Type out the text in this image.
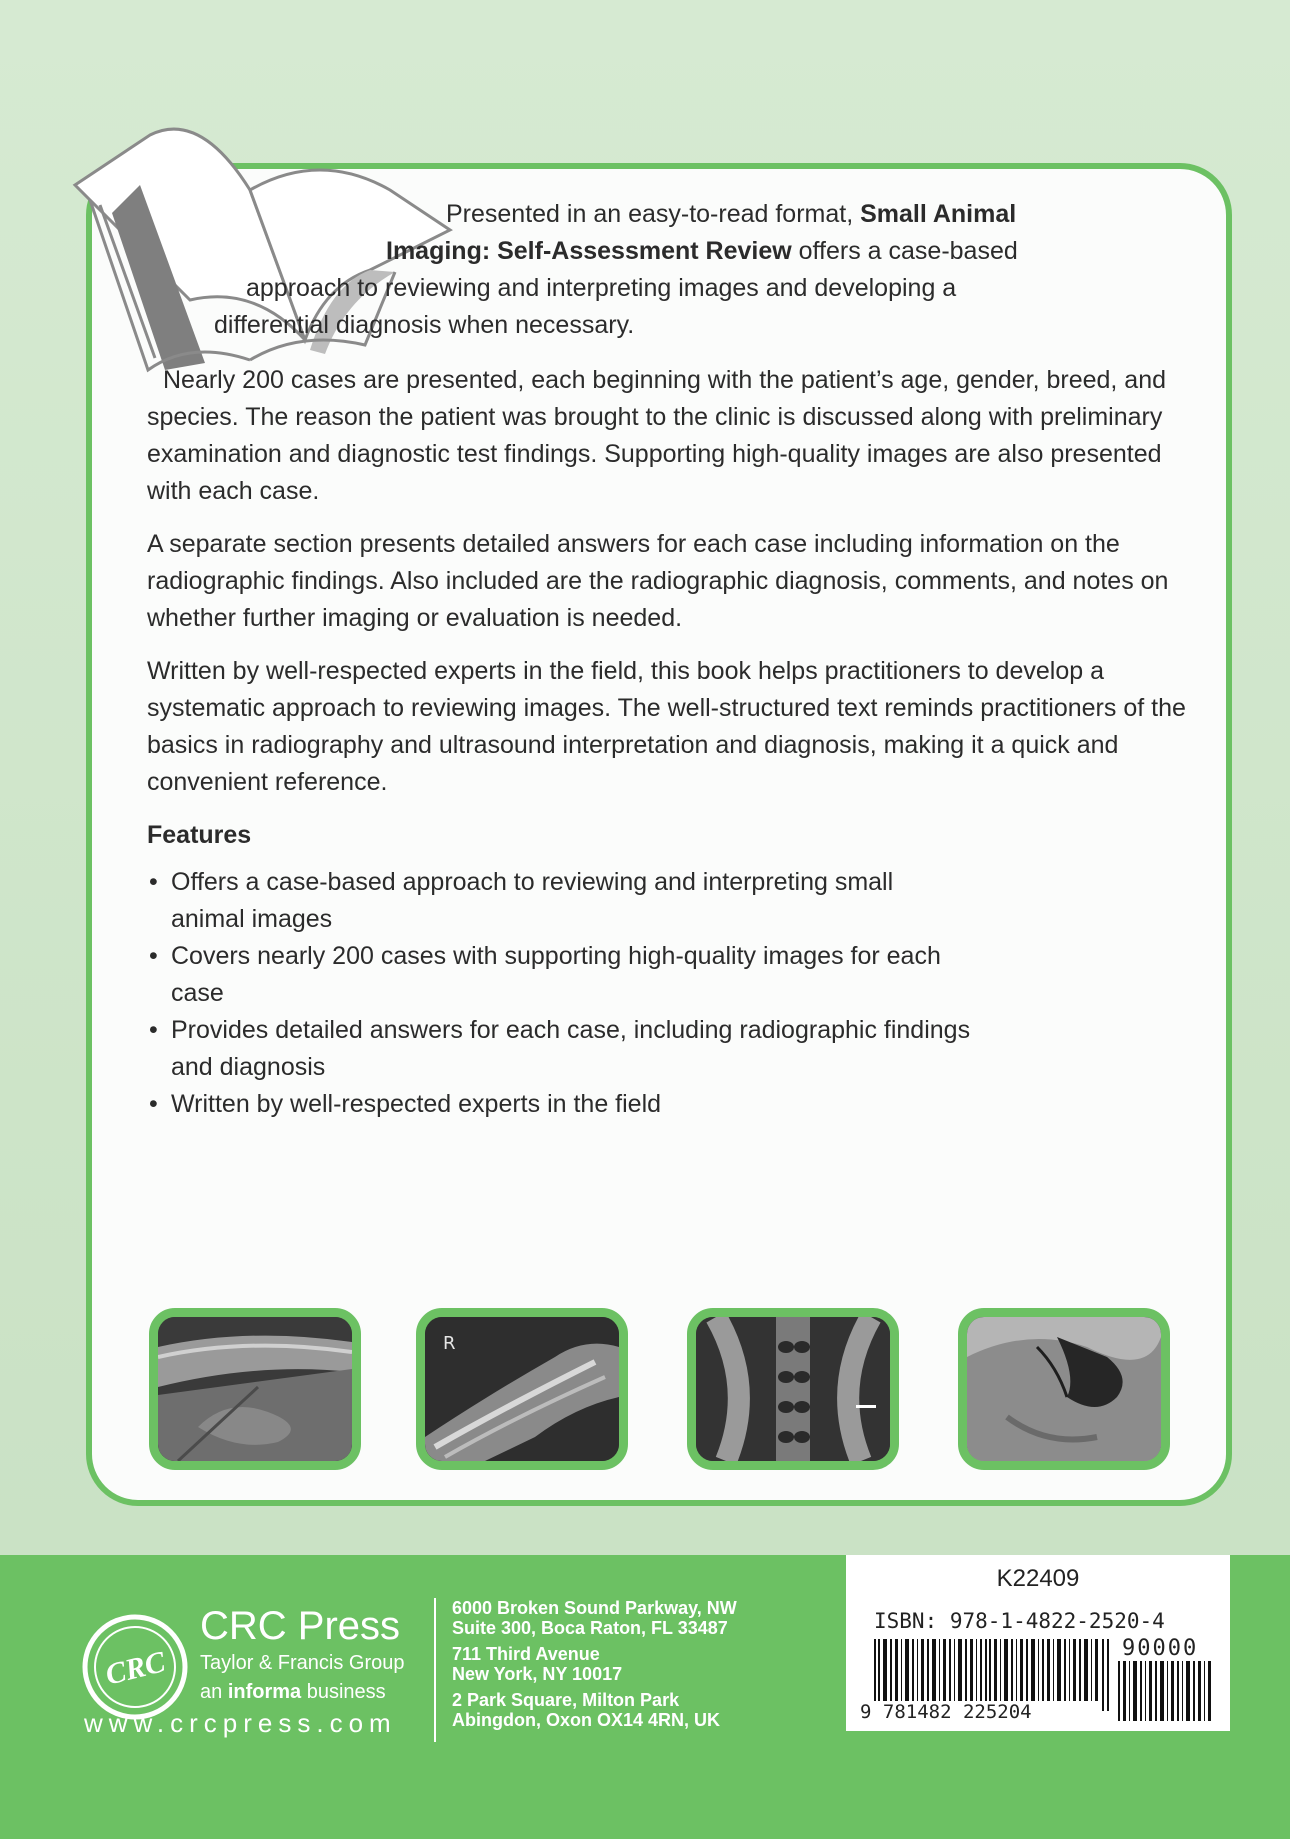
Presented in an easy-to-read format, Small Animal
Imaging: Self-Assessment Review offers a case-based
approach to reviewing and interpreting images and developing a
differential diagnosis when necessary.

Nearly 200 cases are presented, each beginning with the patient’s age, gender, breed, and species. The reason the patient was brought to the clinic is discussed along with preliminary examination and diagnostic test findings. Supporting high-quality images are also presented with each case.

A separate section presents detailed answers for each case including information on the radiographic findings. Also included are the radiographic diagnosis, comments, and notes on whether further imaging or evaluation is needed.

Written by well-respected experts in the field, this book helps practitioners to develop a systematic approach to reviewing images. The well-structured text reminds practitioners of the basics in radiography and ultrasound interpretation and diagnosis, making it a quick and convenient reference.

Features
• Offers a case-based approach to reviewing and interpreting small animal images
• Covers nearly 200 cases with supporting high-quality images for each case
• Provides detailed answers for each case, including radiographic findings and diagnosis
• Written by well-respected experts in the field
R
CRC
CRC Press
Taylor & Francis Group
an informa business
www.crcpress.com
6000 Broken Sound Parkway, NW
Suite 300, Boca Raton, FL 33487
711 Third Avenue
New York, NY 10017
2 Park Square, Milton Park
Abingdon, Oxon OX14 4RN, UK
K22409
ISBN: 978-1-4822-2520-4
90000
9 781482 225204
